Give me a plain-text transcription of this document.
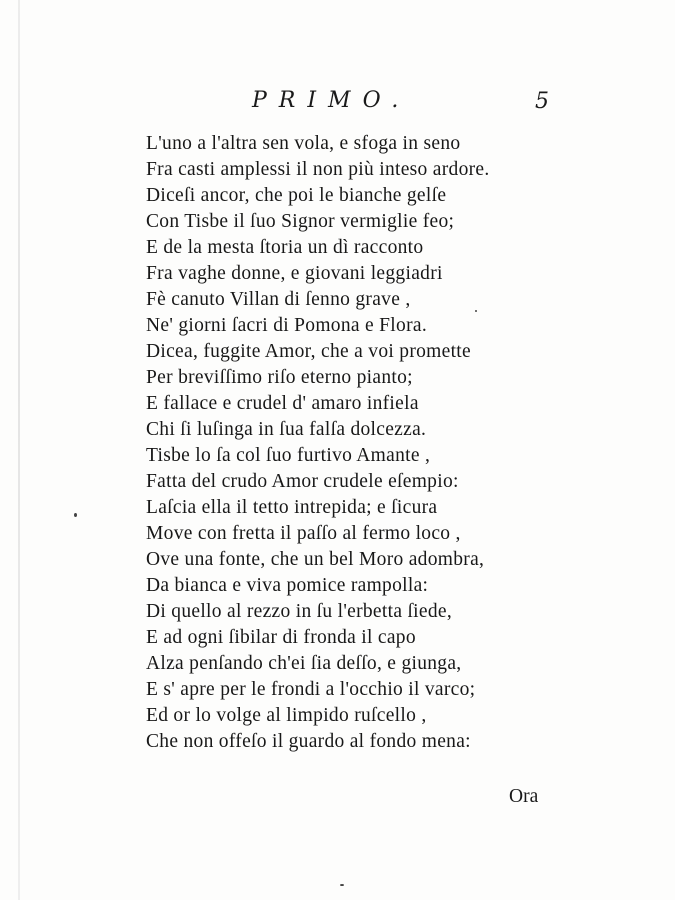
PRIMO.	5
L'uno a l'altra sen vola, e sfoga in seno
Fra casti amplessi il non più inteso ardore.
Diceſi ancor, che poi le bianche gelſe
Con Tisbe il ſuo Signor vermiglie feo;
E de la mesta ſtoria un dì racconto
Fra vaghe donne, e giovani leggiadri
Fè canuto Villan di ſenno grave ,
Ne' giorni ſacri di Pomona e Flora.
Dicea, fuggite Amor, che a voi promette
Per breviſſimo riſo eterno pianto;
E fallace e crudel d' amaro infiela
Chi ſi luſinga in ſua falſa dolcezza.
Tisbe lo ſa col ſuo furtivo Amante ,
Fatta del crudo Amor crudele eſempio:
Laſcia ella il tetto intrepida; e ſicura
Move con fretta il paſſo al fermo loco ,
Ove una fonte, che un bel Moro adombra,
Da bianca e viva pomice rampolla:
Di quello al rezzo in ſu l'erbetta ſiede,
E ad ogni ſibilar di fronda il capo
Alza penſando ch'ei ſia deſſo, e giunga,
E s' apre per le frondi a l'occhio il varco;
Ed or lo volge al limpido ruſcello ,
Che non offeſo il guardo al fondo mena:
Ora
